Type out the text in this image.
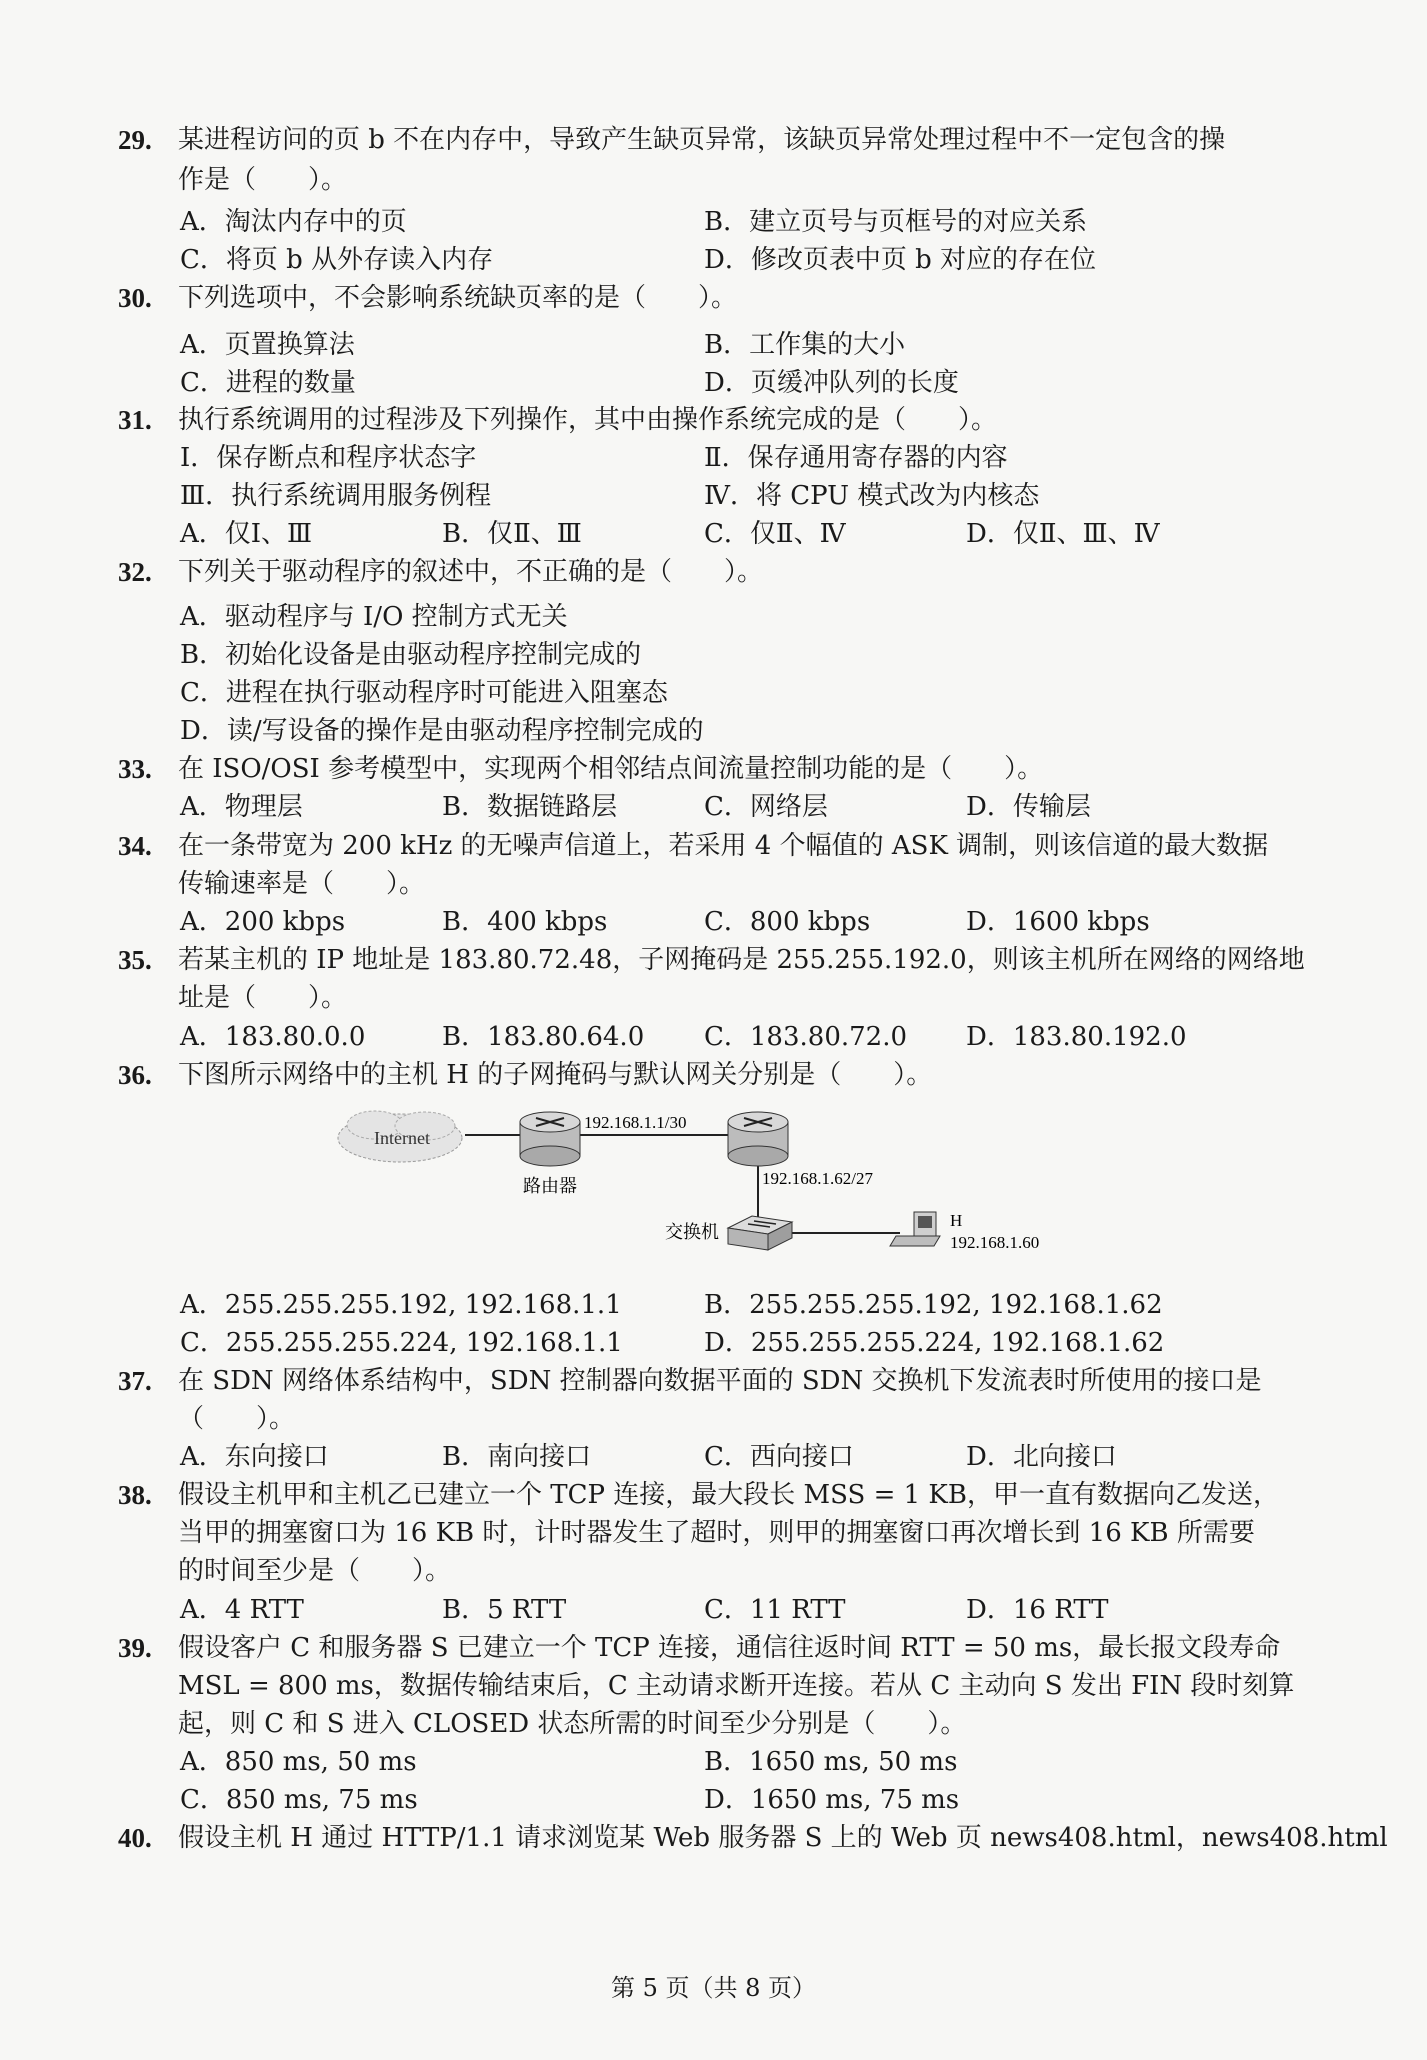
29. 某进程访问的页 b 不在内存中，导致产生缺页异常，该缺页异常处理过程中不一定包含的操
作是（　　）。
A．淘汰内存中的页	B．建立页号与页框号的对应关系
C．将页 b 从外存读入内存	D．修改页表中页 b 对应的存在位
30. 下列选项中，不会影响系统缺页率的是（　　）。
A．页置换算法	B．工作集的大小
C．进程的数量	D．页缓冲队列的长度
31. 执行系统调用的过程涉及下列操作，其中由操作系统完成的是（　　）。
Ⅰ．保存断点和程序状态字	Ⅱ．保存通用寄存器的内容
Ⅲ．执行系统调用服务例程	Ⅳ．将 CPU 模式改为内核态
A．仅Ⅰ、Ⅲ	B．仅Ⅱ、Ⅲ	C．仅Ⅱ、Ⅳ	D．仅Ⅱ、Ⅲ、Ⅳ
32. 下列关于驱动程序的叙述中，不正确的是（　　）。
A．驱动程序与 I/O 控制方式无关
B．初始化设备是由驱动程序控制完成的
C．进程在执行驱动程序时可能进入阻塞态
D．读/写设备的操作是由驱动程序控制完成的
33. 在 ISO/OSI 参考模型中，实现两个相邻结点间流量控制功能的是（　　）。
A．物理层	B．数据链路层	C．网络层	D．传输层
34. 在一条带宽为 200 kHz 的无噪声信道上，若采用 4 个幅值的 ASK 调制，则该信道的最大数据
传输速率是（　　）。
A．200 kbps	B．400 kbps	C．800 kbps	D．1600 kbps
35. 若某主机的 IP 地址是 183.80.72.48，子网掩码是 255.255.192.0，则该主机所在网络的网络地
址是（　　）。
A．183.80.0.0	B．183.80.64.0 C．183.80.72.0 D．183.80.192.0
36. 下图所示网络中的主机 H 的子网掩码与默认网关分别是（　　）。
Internet
路由器
192.168.1.1/30
192.168.1.62/27
交换机
H
192.168.1.60
A．255.255.255.192, 192.168.1.1	B．255.255.255.192, 192.168.1.62
C．255.255.255.224, 192.168.1.1	D．255.255.255.224, 192.168.1.62
37. 在 SDN 网络体系结构中，SDN 控制器向数据平面的 SDN 交换机下发流表时所使用的接口是
（　　）。
A．东向接口	B．南向接口	C．西向接口	D．北向接口
38. 假设主机甲和主机乙已建立一个 TCP 连接，最大段长 MSS = 1 KB，甲一直有数据向乙发送，
当甲的拥塞窗口为 16 KB 时，计时器发生了超时，则甲的拥塞窗口再次增长到 16 KB 所需要
的时间至少是（　　）。
A．4 RTT	B．5 RTT	C．11 RTT	D．16 RTT
39. 假设客户 C 和服务器 S 已建立一个 TCP 连接，通信往返时间 RTT = 50 ms，最长报文段寿命
MSL = 800 ms，数据传输结束后，C 主动请求断开连接。若从 C 主动向 S 发出 FIN 段时刻算
起，则 C 和 S 进入 CLOSED 状态所需的时间至少分别是（　　）。
A．850 ms, 50 ms	B．1650 ms, 50 ms
C．850 ms, 75 ms	D．1650 ms, 75 ms
40. 假设主机 H 通过 HTTP/1.1 请求浏览某 Web 服务器 S 上的 Web 页 news408.html，news408.html
第 5 页（共 8 页）
